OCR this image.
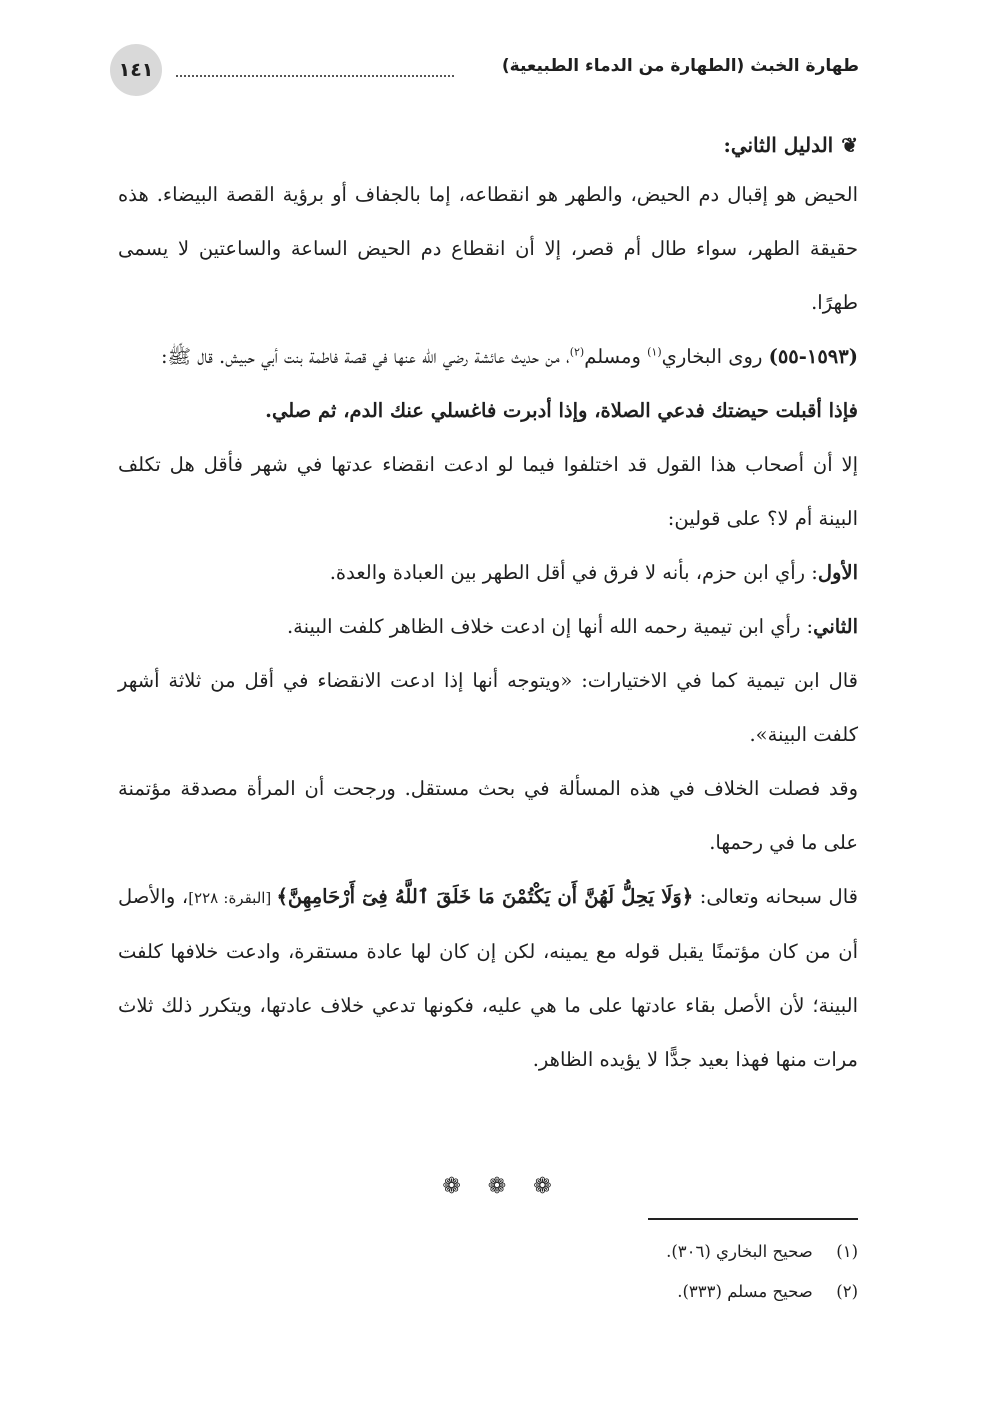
١٤١	طهارة الخبث (الطهارة من الدماء الطبيعية)
❦
الدليل الثاني:

الحيض هو إقبال دم الحيض، والطهر هو انقطاعه، إما بالجفاف أو برؤية القصة البيضاء. هذه حقيقة الطهر، سواء طال أم قصر، إلا أن انقطاع دم الحيض الساعة والساعتين لا يسمى طهرًا.

(١٥٩٣-٥٥) روى البخاري$^{(١)}$ ومسلم$^{(٢)}$، من حديث عائشة رضي الله عنها في قصة فاطمة بنت أبي حبيش. قال ﷺ:

فإذا أقبلت حيضتك فدعي الصلاة، وإذا أدبرت فاغسلي عنك الدم، ثم صلي.

إلا أن أصحاب هذا القول قد اختلفوا فيما لو ادعت انقضاء عدتها في شهر فأقل هل تكلف البينة أم لا؟ على قولين:

الأول: رأي ابن حزم، بأنه لا فرق في أقل الطهر بين العبادة والعدة.

الثاني: رأي ابن تيمية رحمه الله أنها إن ادعت خلاف الظاهر كلفت البينة.

قال ابن تيمية كما في الاختيارات: «ويتوجه أنها إذا ادعت الانقضاء في أقل من ثلاثة أشهر كلفت البينة».

وقد فصلت الخلاف في هذه المسألة في بحث مستقل. ورجحت أن المرأة مصدقة مؤتمنة على ما في رحمها.

قال سبحانه وتعالى: ﴿وَلَا يَحِلُّ لَهُنَّ أَن يَكْتُمْنَ مَا خَلَقَ ٱللَّهُ فِىٓ أَرْحَامِهِنَّ﴾ [البقرة: ٢٢٨]، والأصل أن من كان مؤتمنًا يقبل قوله مع يمينه، لكن إن كان لها عادة مستقرة، وادعت خلافها كلفت البينة؛ لأن الأصل بقاء عادتها على ما هي عليه، فكونها تدعي خلاف عادتها، ويتكرر ذلك ثلاث مرات منها فهذا بعيد جدًّا لا يؤيده الظاهر.

❁ ❁ ❁
(١) صحيح البخاري (٣٠٦).
(٢) صحيح مسلم (٣٣٣).
